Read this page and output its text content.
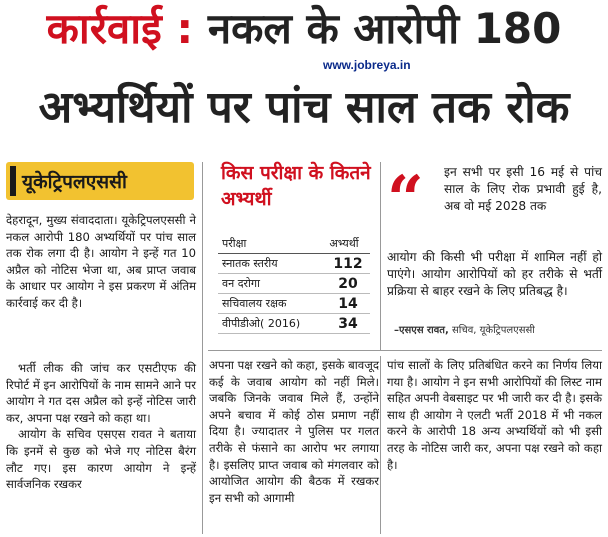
कार्रवाई : नकल के आरोपी 180
www.jobreya.in
अभ्यर्थियों पर पांच साल तक रोक
यूकेट्रिपलएससी

देहरादून, मुख्य संवाददाता। यूकेट्रिपलएससी ने नकल आरोपी 180 अभ्यर्थियों पर पांच साल तक रोक लगा दी है। आयोग ने इन्हें गत 10 अप्रैल को नोटिस भेजा था, अब प्राप्त जवाब के आधार पर आयोग ने इस प्रकरण में अंतिम कार्रवाई कर दी है।

भर्ती लीक की जांच कर एसटीएफ की रिपोर्ट में इन आरोपियों के नाम सामने आने पर आयोग ने गत दस अप्रैल को इन्हें नोटिस जारी कर, अपना पक्ष रखने को कहा था।

आयोग के सचिव एसएस रावत ने बताया कि इनमें से कुछ को भेजे गए नोटिस बैरंग लौट गए। इस कारण आयोग ने इन्हें सार्वजनिक रखकर

किस परीक्षा के कितने अभ्यर्थी
परीक्षा	अभ्यर्थी
स्नातक स्तरीय	112
वन दरोगा	20
सचिवालय रक्षक	14
वीपीडीओ( 2016)	34
“ इन सभी पर इसी 16 मई से पांच साल के लिए रोक प्रभावी हुई है, अब वो मई 2028 तक
आयोग की किसी भी परीक्षा में शामिल नहीं हो पाएंगे। आयोग आरोपियों को हर तरीके से भर्ती प्रक्रिया से बाहर रखने के लिए प्रतिबद्ध है।
–एसएस रावत, सचिव, यूकेट्रिपलएससी

अपना पक्ष रखने को कहा, इसके बावजूद कई के जवाब आयोग को नहीं मिले। जबकि जिनके जवाब मिले हैं, उन्होंने अपने बचाव में कोई ठोस प्रमाण नहीं दिया है। ज्यादातर ने पुलिस पर गलत तरीके से फंसाने का आरोप भर लगाया है। इसलिए प्राप्त जवाब को मंगलवार को आयोजित आयोग की बैठक में रखकर इन सभी को आगामी

पांच सालों के लिए प्रतिबंधित करने का निर्णय लिया गया है। आयोग ने इन सभी आरोपियों की लिस्ट नाम सहित अपनी वेबसाइट पर भी जारी कर दी है। इसके साथ ही आयोग ने एलटी भर्ती 2018 में भी नकल करने के आरोपी 18 अन्य अभ्यर्थियों को भी इसी तरह के नोटिस जारी कर, अपना पक्ष रखने को कहा है।
